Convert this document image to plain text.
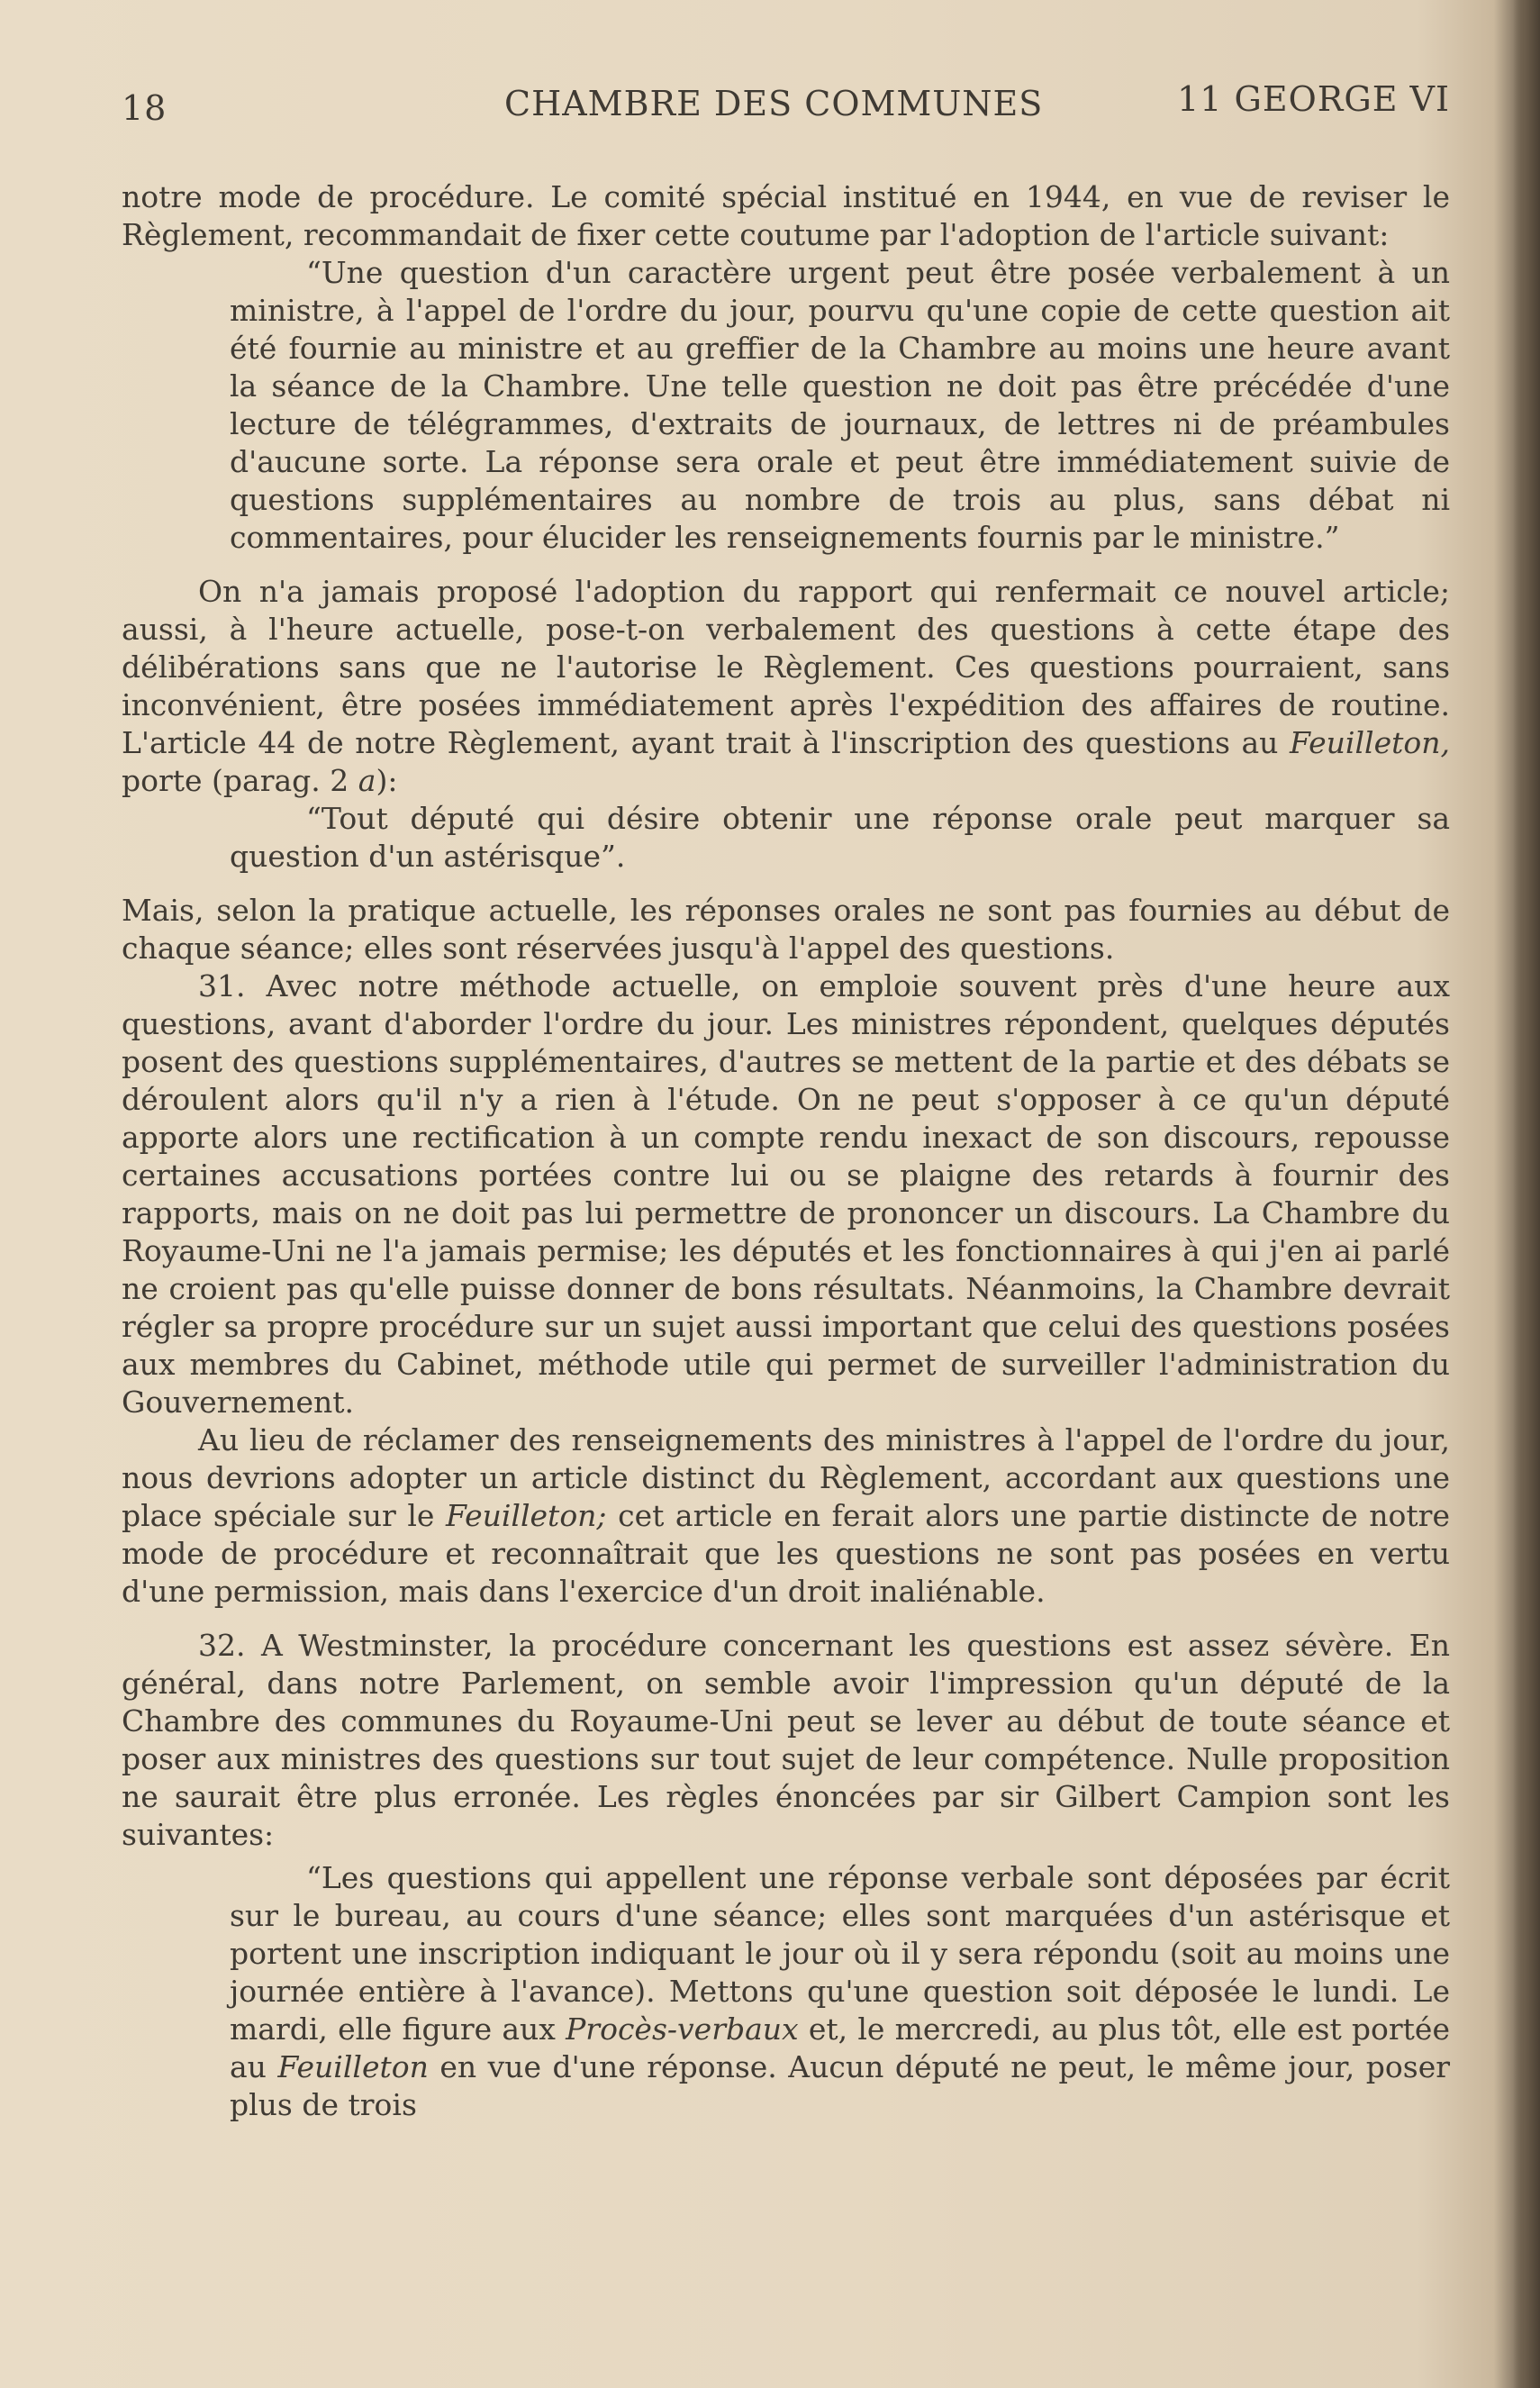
18	CHAMBRE DES COMMUNES	11 GEORGE VI

notre mode de procédure. Le comité spécial institué en 1944, en vue de reviser le Règlement, recommandait de fixer cette coutume par l'adoption de l'article suivant:

“Une question d'un caractère urgent peut être posée verbalement à un ministre, à l'appel de l'ordre du jour, pourvu qu'une copie de cette question ait été fournie au ministre et au greffier de la Chambre au moins une heure avant la séance de la Chambre. Une telle question ne doit pas être précédée d'une lecture de télégrammes, d'extraits de journaux, de lettres ni de préambules d'aucune sorte. La réponse sera orale et peut être immédiatement suivie de questions supplémentaires au nombre de trois au plus, sans débat ni commentaires, pour élucider les renseignements fournis par le ministre.”

On n'a jamais proposé l'adoption du rapport qui renfermait ce nouvel article; aussi, à l'heure actuelle, pose-t-on verbalement des questions à cette étape des délibérations sans que ne l'autorise le Règlement. Ces questions pourraient, sans inconvénient, être posées immédiatement après l'expédition des affaires de routine. L'article 44 de notre Règlement, ayant trait à l'inscription des questions au Feuilleton, porte (parag. 2 a):

“Tout député qui désire obtenir une réponse orale peut marquer sa question d'un astérisque”.

Mais, selon la pratique actuelle, les réponses orales ne sont pas fournies au début de chaque séance; elles sont réservées jusqu'à l'appel des questions.

31. Avec notre méthode actuelle, on emploie souvent près d'une heure aux questions, avant d'aborder l'ordre du jour. Les ministres répondent, quelques députés posent des questions supplémentaires, d'autres se mettent de la partie et des débats se déroulent alors qu'il n'y a rien à l'étude. On ne peut s'opposer à ce qu'un député apporte alors une rectification à un compte rendu inexact de son discours, repousse certaines accusations portées contre lui ou se plaigne des retards à fournir des rapports, mais on ne doit pas lui permettre de prononcer un discours. La Chambre du Royaume-Uni ne l'a jamais permise; les députés et les fonctionnaires à qui j'en ai parlé ne croient pas qu'elle puisse donner de bons résultats. Néanmoins, la Chambre devrait régler sa propre procédure sur un sujet aussi important que celui des questions posées aux membres du Cabinet, méthode utile qui permet de surveiller l'administration du Gouvernement.

Au lieu de réclamer des renseignements des ministres à l'appel de l'ordre du jour, nous devrions adopter un article distinct du Règlement, accordant aux questions une place spéciale sur le Feuilleton; cet article en ferait alors une partie distincte de notre mode de procédure et reconnaîtrait que les questions ne sont pas posées en vertu d'une permission, mais dans l'exercice d'un droit inaliénable.

32. A Westminster, la procédure concernant les questions est assez sévère. En général, dans notre Parlement, on semble avoir l'impression qu'un député de la Chambre des communes du Royaume-Uni peut se lever au début de toute séance et poser aux ministres des questions sur tout sujet de leur compétence. Nulle proposition ne saurait être plus erronée. Les règles énoncées par sir Gilbert Campion sont les suivantes:

“Les questions qui appellent une réponse verbale sont déposées par écrit sur le bureau, au cours d'une séance; elles sont marquées d'un astérisque et portent une inscription indiquant le jour où il y sera répondu (soit au moins une journée entière à l'avance). Mettons qu'une question soit déposée le lundi. Le mardi, elle figure aux Procès-verbaux et, le mercredi, au plus tôt, elle est portée au Feuilleton en vue d'une réponse. Aucun député ne peut, le même jour, poser plus de trois
